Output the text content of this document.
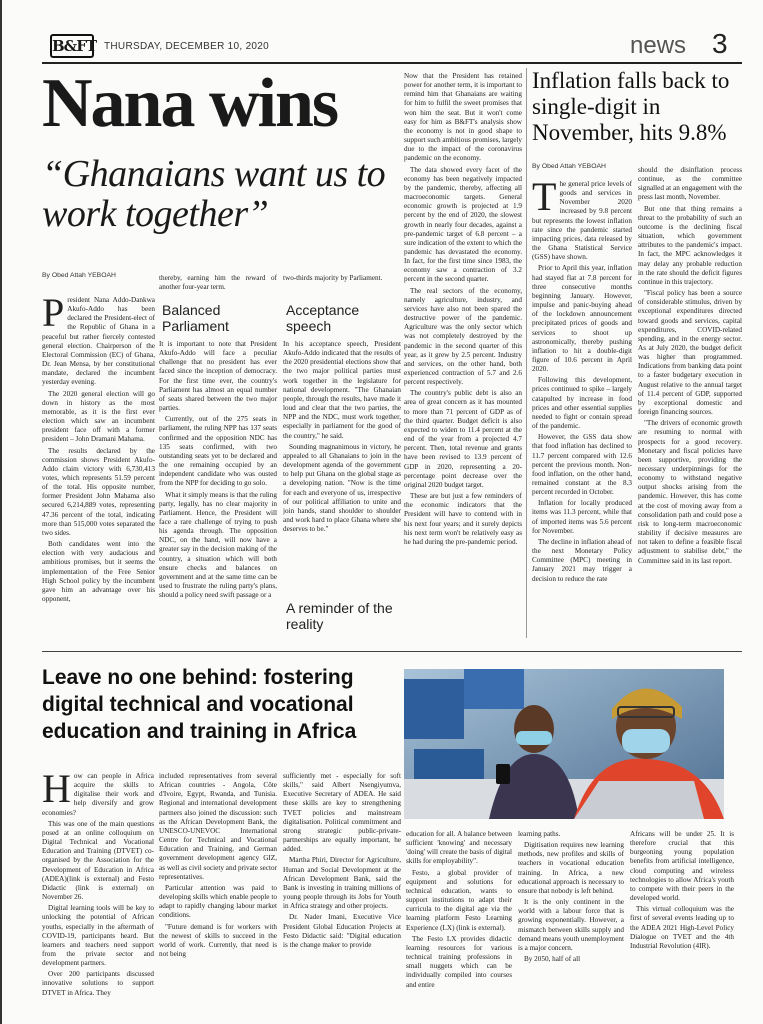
B&FT THURSDAY, DECEMBER 10, 2020	news 3
Nana wins
“Ghanaians want us to work together”
By Obed Attah YEBOAH

President Nana Addo-Dankwa Akufo-Addo has been declared the President-elect of the Republic of Ghana in a peaceful but rather fiercely contested general election. Chairperson of the Electoral Commission (EC) of Ghana, Dr. Jean Mensa, by her constitutional mandate, declared the incumbent yesterday evening.

The 2020 general election will go down in history as the most memorable, as it is the first ever election which saw an incumbent president face off with a former president – John Dramani Mahama.

The results declared by the commission shows President Akufo-Addo claim victory with 6,730,413 votes, which represents 51.59 percent of the total. His opposite number, former President John Mahama also secured 6,214,889 votes, representing 47.36 percent of the total, indicating more than 515,000 votes separated the two sides.

Both candidates went into the election with very audacious and ambitious promises, but it seems the implementation of the Free Senior High School policy by the incumbent gave him an advantage over his opponent,

thereby, earning him the reward of another four-year term.

Balanced Parliament

It is important to note that President Akufo-Addo will face a peculiar challenge that no president has ever faced since the inception of democracy. For the first time ever, the country's Parliament has almost an equal number of seats shared between the two major parties.

Currently, out of the 275 seats in parliament, the ruling NPP has 137 seats confirmed and the opposition NDC has 135 seats confirmed, with two outstanding seats yet to be declared and the one remaining occupied by an independent candidate who was ousted from the NPP for deciding to go solo.

What it simply means is that the ruling party, legally, has no clear majority in Parliament. Hence, the President will face a rare challenge of trying to push his agenda through. The opposition NDC, on the hand, will now have a greater say in the decision making of the country, a situation which will both ensure checks and balances on government and at the same time can be used to frustrate the ruling party's plans, should a policy need swift passage or a

two-thirds majority by Parliament.

Acceptance speech

In his acceptance speech, President Akufo-Addo indicated that the results of the 2020 presidential elections show that the two major political parties must work together in the legislature for national development. "The Ghanaian people, through the results, have made it loud and clear that the two parties, the NPP and the NDC, must work together, especially in parliament for the good of the country," he said.

Sounding magnanimous in victory, he appealed to all Ghanaians to join in the development agenda of the government to help put Ghana on the global stage as a developing nation. "Now is the time for each and everyone of us, irrespective of our political affiliation to unite and join hands, stand shoulder to shoulder and work hard to place Ghana where she deserves to be."

A reminder of the reality

Now that the President has retained power for another term, it is important to remind him that Ghanaians are waiting for him to fulfil the sweet promises that won him the seat. But it won't come easy for him as B&FT's analysis show the economy is not in good shape to support such ambitious promises, largely due to the impact of the coronavirus pandemic on the economy.

The data showed every facet of the economy has been negatively impacted by the pandemic, thereby, affecting all macroeconomic targets. General economic growth is projected at 1.9 percent by the end of 2020, the slowest growth in nearly four decades, against a pre-pandemic target of 6.8 percent – a sure indication of the extent to which the pandemic has devastated the economy. In fact, for the first time since 1983, the economy saw a contraction of 3.2 percent in the second quarter.

The real sectors of the economy, namely agriculture, industry, and services have also not been spared the destructive power of the pandemic. Agriculture was the only sector which was not completely destroyed by the pandemic in the second quarter of this year, as it grew by 2.5 percent. Industry and services, on the other hand, both experienced contraction of 5.7 and 2.6 percent respectively.

The country's public debt is also an area of great concern as it has mounted to more than 71 percent of GDP as of the third quarter. Budget deficit is also expected to widen to 11.4 percent at the end of the year from a projected 4.7 percent. Then, total revenue and grants have been revised to 13.9 percent of GDP in 2020, representing a 20-percentage point decrease over the original 2020 budget target.

These are but just a few reminders of the economic indicators that the President will have to contend with in his next four years; and it surely depicts his next term won't be relatively easy as he had during the pre-pandemic period.

Inflation falls back to single-digit in November, hits 9.8%
By Obed Attah YEBOAH

The general price levels of goods and services in November 2020 increased by 9.8 percent but represents the lowest inflation rate since the pandemic started impacting prices, data released by the Ghana Statistical Service (GSS) have shown.

Prior to April this year, inflation had stayed flat at 7.8 percent for three consecutive months beginning January. However, impulse and panic-buying ahead of the lockdown announcement precipitated prices of goods and services to shoot up astronomically, thereby pushing inflation to hit a double-digit figure of 10.6 percent in April 2020.

Following this development, prices continued to spike – largely catapulted by increase in food prices and other essential supplies needed to fight or contain spread of the pandemic.

However, the GSS data show that food inflation has declined to 11.7 percent compared with 12.6 percent the previous month. Non-food inflation, on the other hand, remained constant at the 8.3 percent recorded in October.

Inflation for locally produced items was 11.3 percent, while that of imported items was 5.6 percent for November.

The decline in inflation ahead of the next Monetary Policy Committee (MPC) meeting in January 2021 may trigger a decision to reduce the rate

should the disinflation process continue, as the committee signalled at an engagement with the press last month, November.

But one that thing remains a threat to the probability of such an outcome is the declining fiscal situation, which government attributes to the pandemic's impact. In fact, the MPC acknowledges it may delay any probable reduction in the rate should the deficit figures continue in this trajectory.

"Fiscal policy has been a source of considerable stimulus, driven by exceptional expenditures directed toward goods and services, capital expenditures, COVID-related spending, and in the energy sector. As at July 2020, the budget deficit was higher than programmed. Indications from banking data point to a faster budgetary execution in August relative to the annual target of 11.4 percent of GDP, supported by exceptional domestic and foreign financing sources.

"The drivers of economic growth are resuming to normal with prospects for a good recovery. Monetary and fiscal policies have been supportive, providing the necessary underpinnings for the economy to withstand negative output shocks arising from the pandemic. However, this has come at the cost of moving away from a consolidation path and could pose a risk to long-term macroeconomic stability if decisive measures are not taken to define a feasible fiscal adjustment to stabilise debt," the Committee said in its last report.

Leave no one behind: fostering digital technical and vocational education and training in Africa

How can people in Africa acquire the skills to digitalise their work and help diversify and grow economies?

This was one of the main questions posed at an online colloquium on Digital Technical and Vocational Education and Training (DTVET) co-organised by the Association for the Development of Education in Africa (ADEA)(link is external) and Festo Didactic (link is external) on November 26.

Digital learning tools will be key to unlocking the potential of African youths, especially in the aftermath of COVID-19, participants heard. But learners and teachers need support from the private sector and development partners.

Over 200 participants discussed innovative solutions to support DTVET in Africa. They

included representatives from several African countries - Angola, Côte d'Ivoire, Egypt, Rwanda, and Tunisia. Regional and international development partners also joined the discussion: such as the African Development Bank, the UNESCO-UNEVOC International Centre for Technical and Vocational Education and Training, and German government development agency GIZ, as well as civil society and private sector representatives.

Particular attention was paid to developing skills which enable people to adapt to rapidly changing labour market conditions.

"Future demand is for workers with the newest of skills to succeed in the world of work. Currently, that need is not being

sufficiently met - especially for soft skills," said Albert Nsengiyumva, Executive Secretary of ADEA. He said these skills are key to strengthening TVET policies and mainstream digitalisation. Political commitment and strong strategic public-private-partnerships are equally important, he added.

Martha Phiri, Director for Agriculture, Human and Social Development at the African Development Bank, said the Bank is investing in training millions of young people through its Jobs for Youth in Africa strategy and other projects.

Dr. Nader Imani, Executive Vice President Global Education Projects at Festo Didactic said: "Digital education is the change maker to provide

education for all. A balance between sufficient 'knowing' and necessary 'doing' will create the basis of digital skills for employability".

Festo, a global provider of equipment and solutions for technical education, wants to support institutions to adapt their curricula to the digital age via the learning platform Festo Learning Experience (LX) (link is external).

The Festo LX provides didactic learning resources for various technical training professions in small nuggets which can be individually compiled into courses and entire

learning paths.

Digitisation requires new learning methods, new profiles and skills of teachers in vocational education training. In Africa, a new educational approach is necessary to ensure that nobody is left behind.

It is the only continent in the world with a labour force that is growing exponentially. However, a mismatch between skills supply and demand means youth unemployment is a major concern.

By 2050, half of all

Africans will be under 25. It is therefore crucial that this burgeoning young population benefits from artificial intelligence, cloud computing and wireless technologies to allow Africa's youth to compete with their peers in the developed world.

This virtual colloquium was the first of several events leading up to the ADEA 2021 High-Level Policy Dialogue on TVET and the 4th Industrial Revolution (4IR).
